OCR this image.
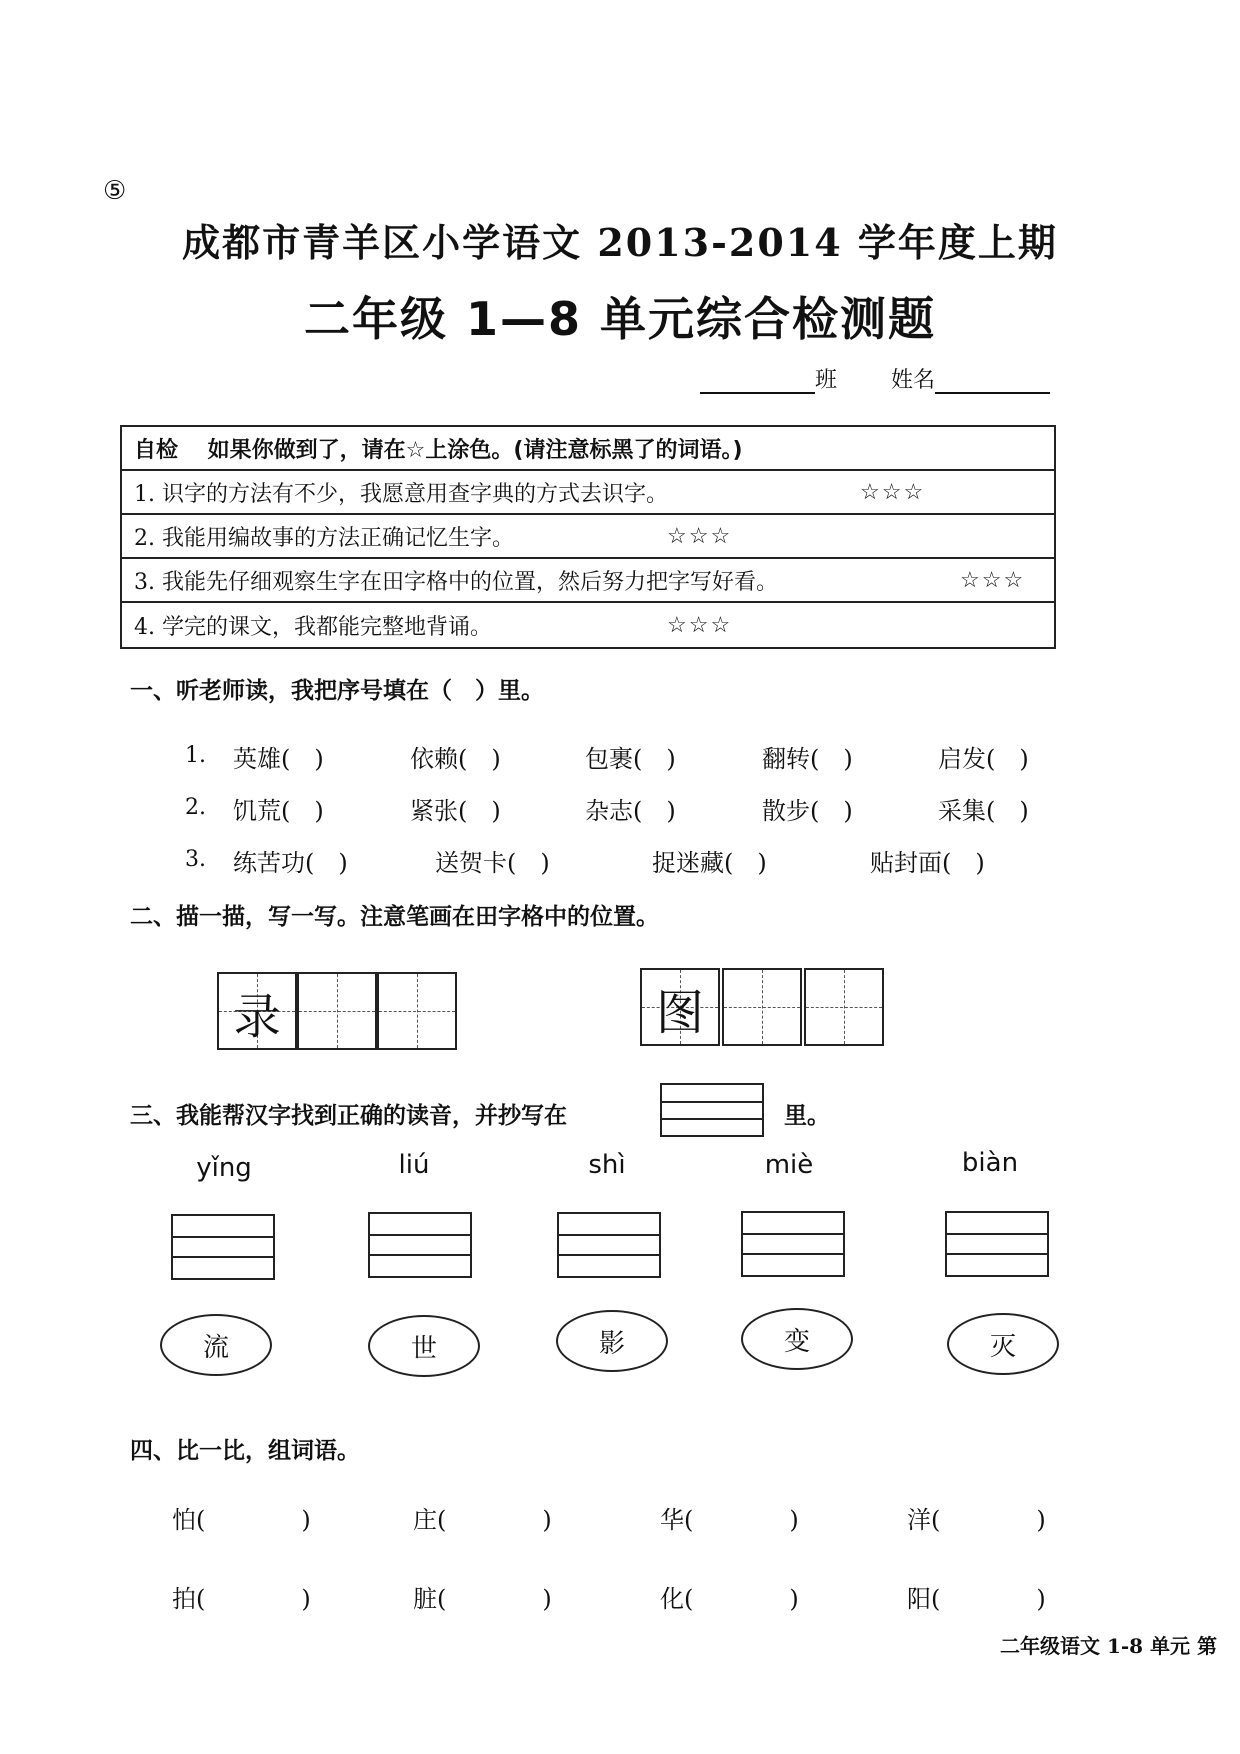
⑤
成都市青羊区小学语文 2013-2014 学年度上期
二年级 1—8 单元综合检测题
班 姓名
自检　 如果你做到了，请在☆上涂色。(请注意标黑了的词语。)
1. 识字的方法有不少，我愿意用查字典的方式去识字。	☆☆☆
2. 我能用编故事的方法正确记忆生字。	☆☆☆
3. 我能先仔细观察生字在田字格中的位置，然后努力把字写好看。	☆☆☆
4. 学完的课文，我都能完整地背诵。	☆☆☆
一、听老师读，我把序号填在（　）里。
1. 英雄(　)	依赖(　)	包裹(　)	翻转(　)	启发(　)
2. 饥荒(　)	紧张(　)	杂志(　)	散步(　)	采集(　)
3. 练苦功(　)	送贺卡(　)	捉迷藏(　)	贴封面(　)
二、描一描，写一写。注意笔画在田字格中的位置。
录	图
三、我能帮汉字找到正确的读音，并抄写在	里。
yǐng	liú	shì	miè	biàn
流	世	影	变	灭
四、比一比，组词语。
怕(　　　　)	庄(　　　　)	华(　　　　)	洋(　　　　)
拍(　　　　)	脏(　　　　)	化(　　　　)	阳(　　　　)
二年级语文 1-8 单元 第
